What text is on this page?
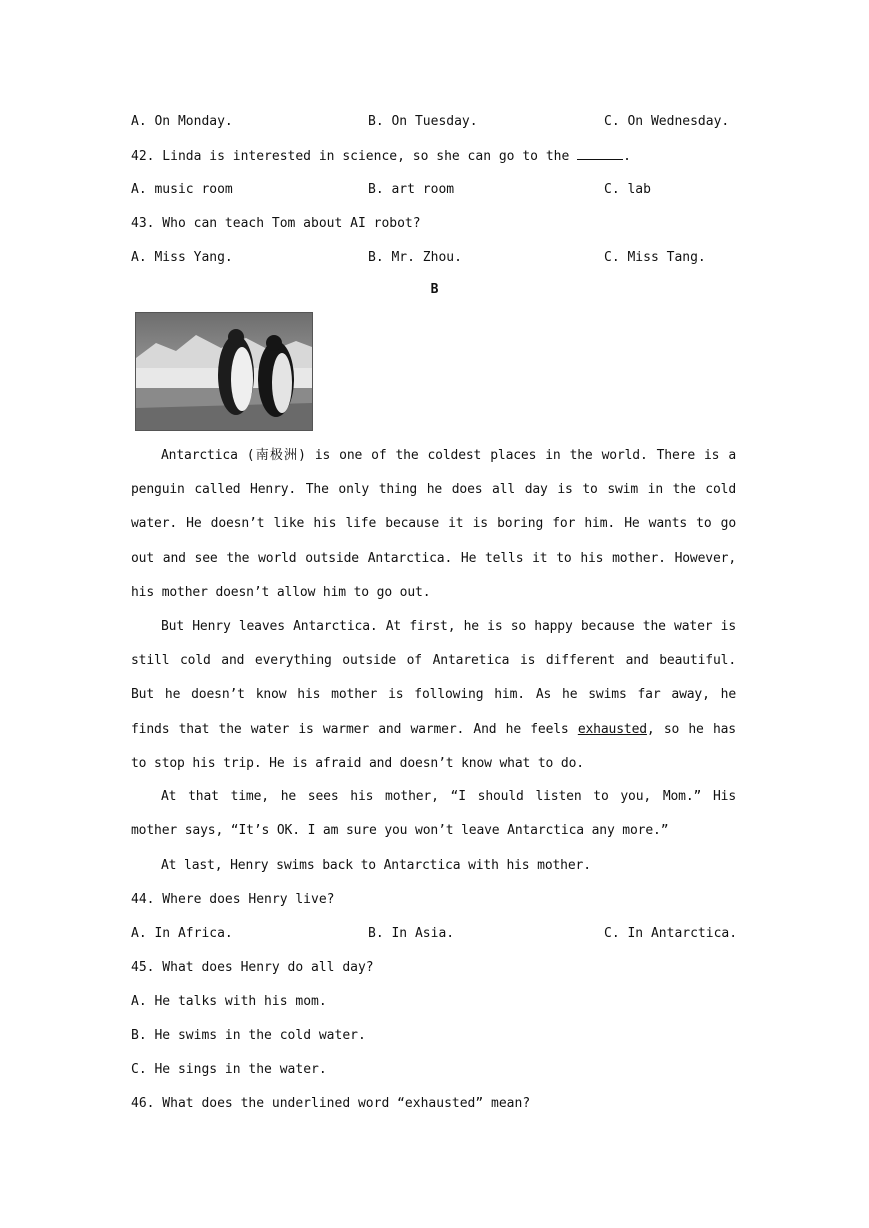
A. On Monday.	B. On Tuesday.	C. On Wednesday.
42. Linda is interested in science, so she can go to the	.
A. music room	B. art room	C. lab
43. Who can teach Tom about AI robot?
A. Miss Yang.	B. Mr. Zhou.	C. Miss Tang.
B
Antarctica (南极洲) is one of the coldest places in the world. There is a penguin called Henry. The only thing he does all day is to swim in the cold water. He doesn’t like his life because it is boring for him. He wants to go out and see the world outside Antarctica. He tells it to his mother. However, his mother doesn’t allow him to go out.
But Henry leaves Antarctica. At first, he is so happy because the water is still cold and everything outside of Antaretica is different and beautiful. But he doesn’t know his mother is following him. As he swims far away, he finds that the water is warmer and warmer. And he feels exhausted, so he has to stop his trip. He is afraid and doesn’t know what to do.
At that time, he sees his mother, “I should listen to you, Mom.” His mother says, “It’s OK. I am sure you won’t leave Antarctica any more.”
At last, Henry swims back to Antarctica with his mother.
44. Where does Henry live?
A. In Africa.	B. In Asia.	C. In Antarctica.
45. What does Henry do all day?
A. He talks with his mom.
B. He swims in the cold water.
C. He sings in the water.
46. What does the underlined word “exhausted” mean?
